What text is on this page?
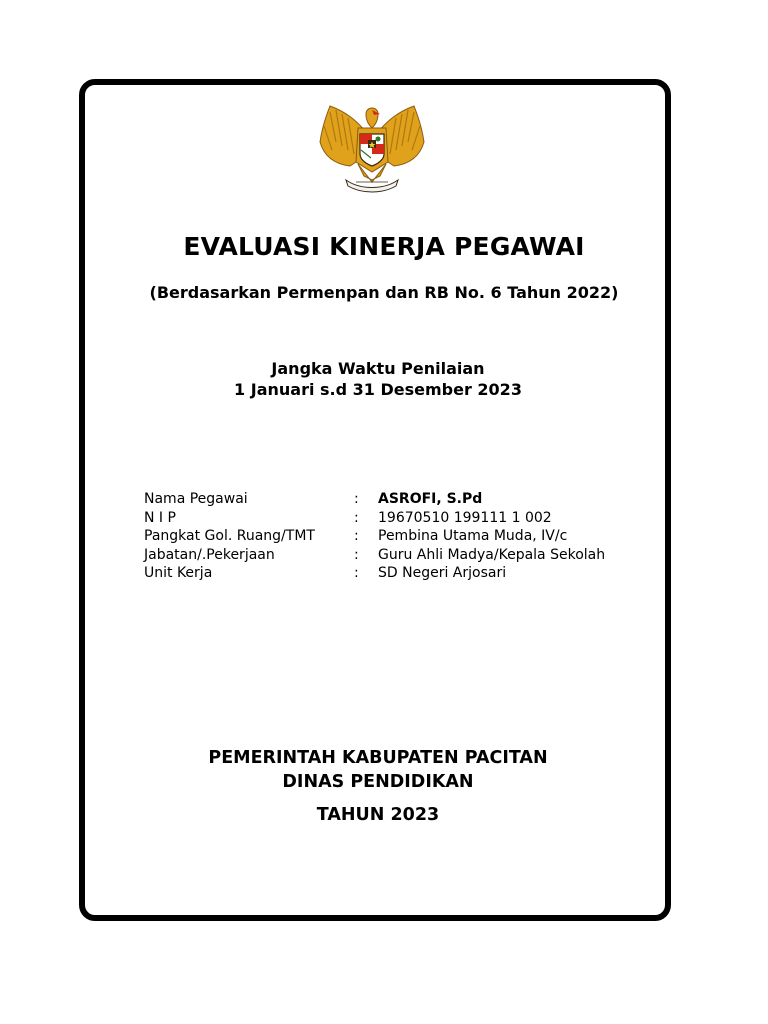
EVALUASI KINERJA PEGAWAI
(Berdasarkan Permenpan dan RB No. 6 Tahun 2022)
Jangka Waktu Penilaian
1 Januari s.d 31 Desember 2023
Nama Pegawai	:	ASROFI, S.Pd
N I P	:	19670510 199111 1 002
Pangkat Gol. Ruang/TMT	:	Pembina Utama Muda, IV/c
Jabatan/.Pekerjaan	:	Guru Ahli Madya/Kepala Sekolah
Unit Kerja	:	SD Negeri Arjosari
PEMERINTAH KABUPATEN PACITAN
DINAS PENDIDIKAN
TAHUN 2023
